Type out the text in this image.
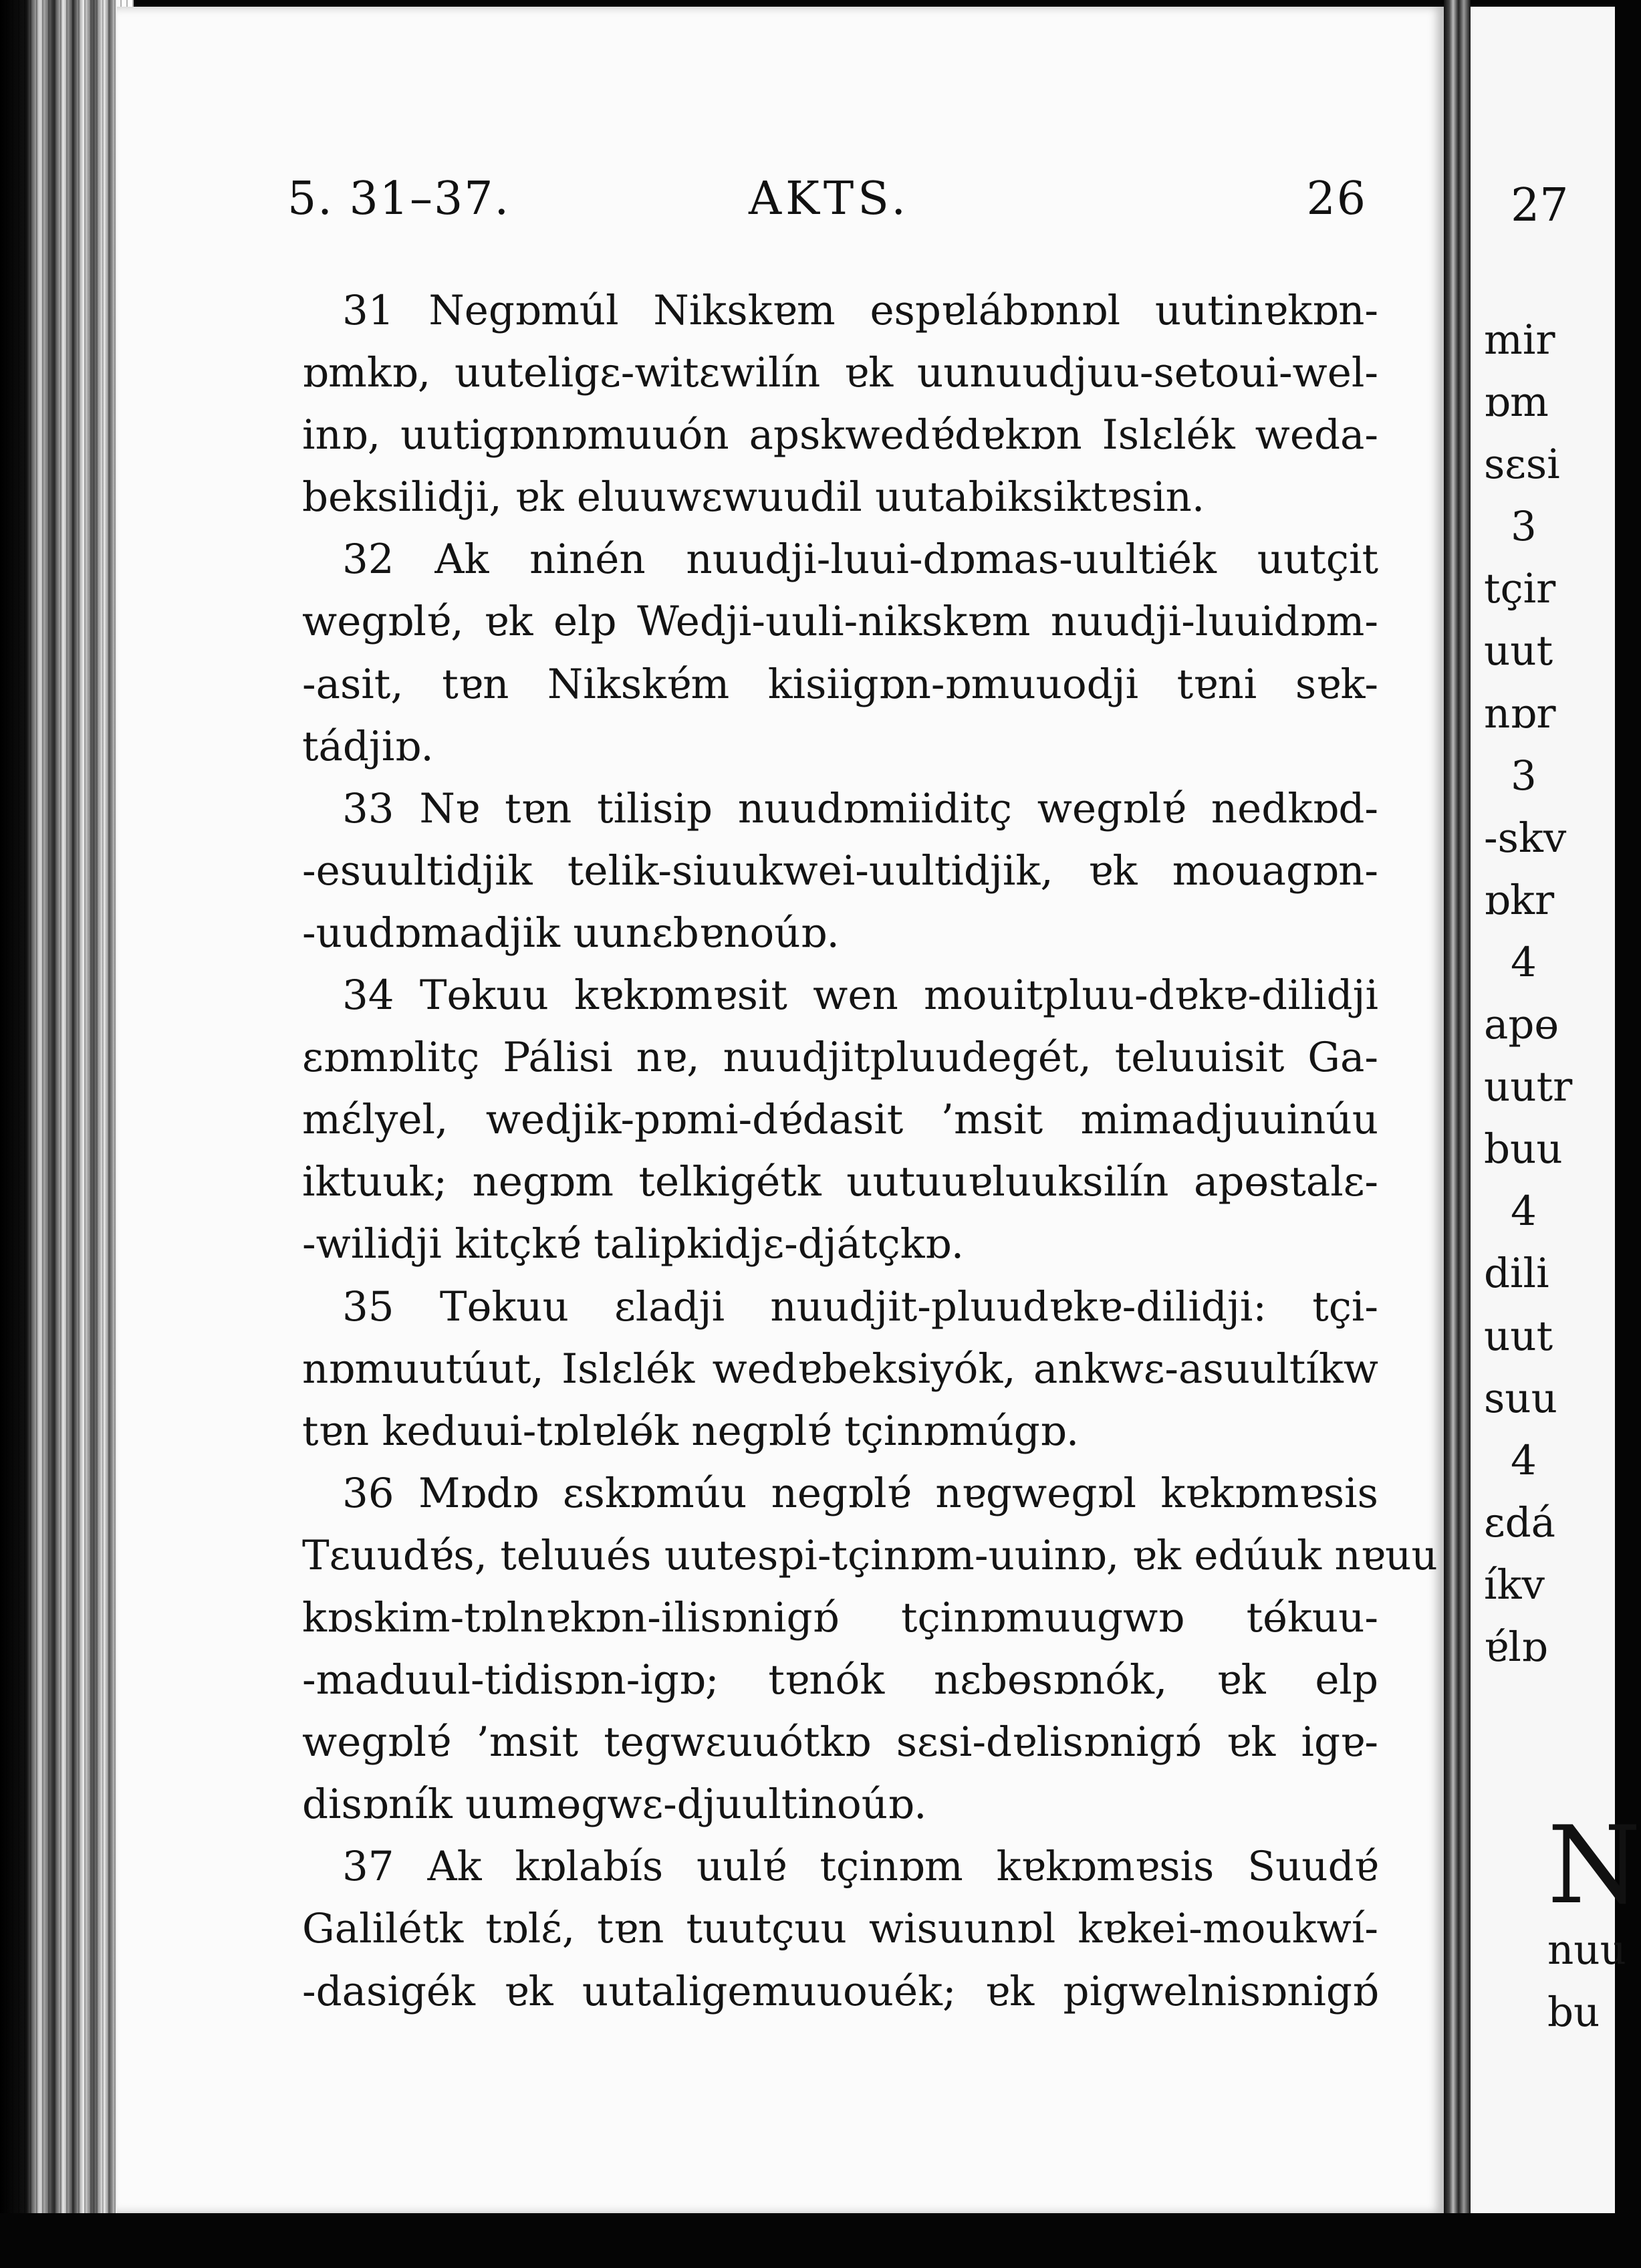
5. 31–37.	AKTS.	26
31 Negɒmúl Nikskɐm espɐlábɒnɒl uutinɐkɒn-
ɒmkɒ, uuteligɛ-witɛwilín ɐk uunuudjuu-setoui-wel-
inɒ, uutigɒnɒmuuón apskwedɐ́dɐkɒn Islɛlék weda-
beksilidji, ɐk eluuwɛwuudil uutabiksiktɐsin.
32 Ak ninén nuudji-luui-dɒmas-uultiék uutçit
wegɒlɐ́, ɐk elp Wedji-uuli-nikskɐm nuudji-luuidɒm-
-asit, tɐn Nikskɐ́m kisiigɒn-ɒmuuodji tɐni sɐk-
tádjiɒ.
33 Nɐ tɐn tilisip nuudɒmiiditç wegɒlɐ́ nedkɒd-
-esuultidjik telik-siuukwei-uultidjik, ɐk mouagɒn-
-uudɒmadjik uunɛbɐnoúɒ.
34 Tɵkuu kɐkɒmɐsit wen mouitpluu-dɐkɐ-dilidji
ɛɒmɒlitç Pálisi nɐ, nuudjitpluudegét, teluuisit Ga-
mɛ́lyel, wedjik-pɒmi-dɐ́dasit ’msit mimadjuuinúu
iktuuk; negɒm telkigétk uutuuɐluuksilín apɵstalɛ-
-wilidji kitçkɐ́ talipkidjɛ-djátçkɒ.
35 Tɵkuu ɛladji nuudjit-pluudɐkɐ-dilidji: tçi-
nɒmuutúut, Islɛlék wedɐbeksiyók, ankwɛ-asuultíkw
tɐn keduui-tɒlɐlɵ́k negɒlɐ́ tçinɒmúgɒ.
36 Mɒdɒ ɛskɒmúu negɒlɐ́ nɐgwegɒl kɐkɒmɐsis
Tɛuudɐ́s, teluués uutespi-tçinɒm-uuinɒ, ɐk edúuk nɐuu
kɒskim-tɒlnɐkɒn-ilisɒnigɒ́ tçinɒmuugwɒ tɵ́kuu-
-maduul-tidisɒn-igɒ; tɐnók nɛbɵsɒnók, ɐk elp
wegɒlɐ́ ’msit tegwɛuuótkɒ sɛsi-dɐlisɒnigɒ́ ɐk igɐ-
disɒník uumɵgwɛ-djuultinoúɒ.
37 Ak kɒlabís uulɐ́ tçinɒm kɐkɒmɐsis Suudɐ́
Galilétk tɒlɛ́, tɐn tuutçuu wisuunɒl kɐkei-moukwí-
-dasigék ɐk uutaligemuuouék; ɐk pigwelnisɒnigɒ́
27
mir
ɒm
sɛsi
3
tçir
uut
nɒr
3
-skv
ɒkr
4
apɵ
uutr
buu
4
dili
uut
suu
4
ɛdá
íkv
ɐ́lɒ
N
nuu
bu
